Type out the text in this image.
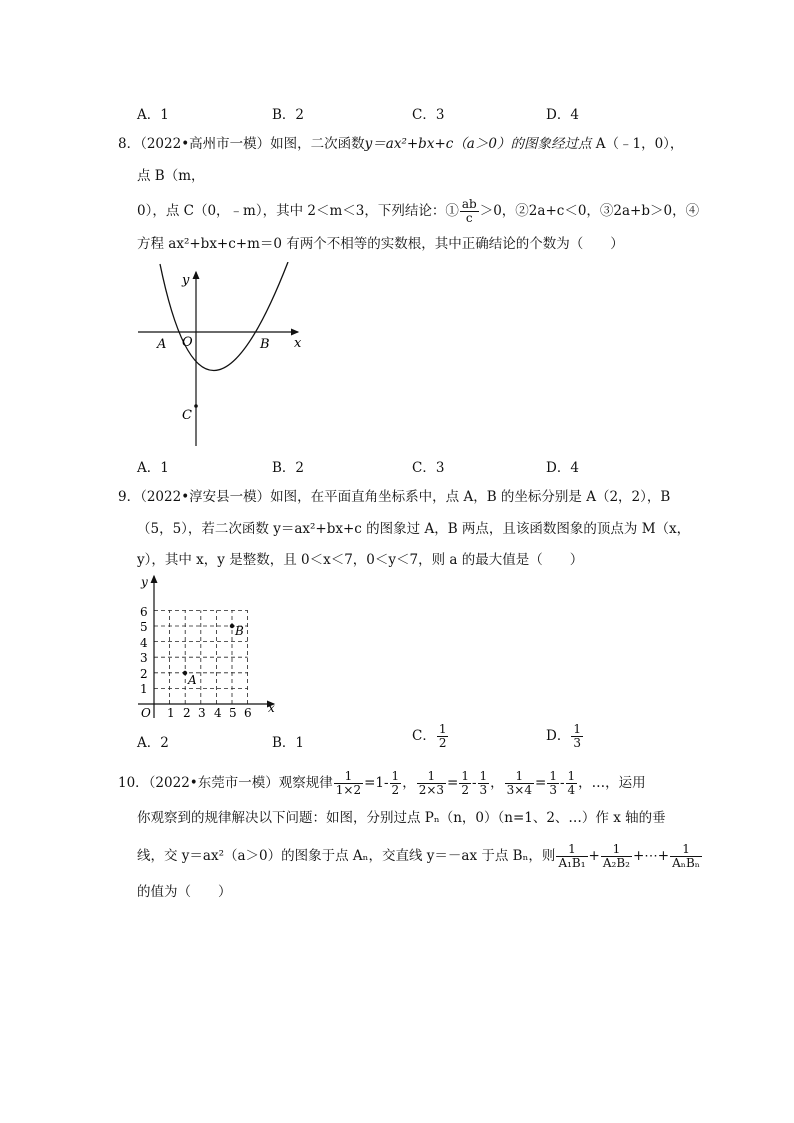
A．1	B．2	C．3	D．4
8．（2022•高州市一模）如图，二次函数y＝ax²+bx+c（a＞0）的图象经过点 A（﹣1，0），
点 B（m，
0），点 C（0，﹣m），其中 2＜m＜3，下列结论：① $\frac{ab}{c} >0$，②2a+c＜0，③2a+b＞0，④
方程 ax²+bx+c+m＝0 有两个不相等的实数根，其中正确结论的个数为（　　）
y
x
O
A	B
C
A．1	B．2	C．3	D．4
9．（2022•淳安县一模）如图，在平面直角坐标系中，点 A，B 的坐标分别是 A（2，2），B
（5，5），若二次函数 y＝ax²+bx+c 的图象过 A，B 两点，且该函数图象的顶点为 M（x，
y），其中 x，y 是整数，且 0＜x＜7，0＜y＜7，则 a 的最大值是（　　）
y
x
O 1 2 3 4 5 6
1
2
3
4
5
6
A
B
A．2	B．1	C． $\frac{1}{2}$	D． $\frac{1}{3}$
10．（2022•东莞市一模）观察规律 $\frac{1}{1\times 2} =1- \frac{1}{2}$ ， $\frac{1}{2\times 3} = \frac{1}{2} - \frac{1}{3}$ ， $\frac{1}{3\times 4} = \frac{1}{3} - \frac{1}{4}$ ，…，运用
你观察到的规律解决以下问题：如图，分别过点 Pₙ（n，0）（n=1、2、…）作 x 轴的垂
线，交 y＝ax²（a＞0）的图象于点 Aₙ，交直线 y＝－ax 于点 Bₙ，则 $\frac{1}{\text{A₁B₁}} + \frac{1}{\text{A₂B₂}}$ +⋯+ $\frac{1}{\text{AₙBₙ}}$
的值为（　　）
